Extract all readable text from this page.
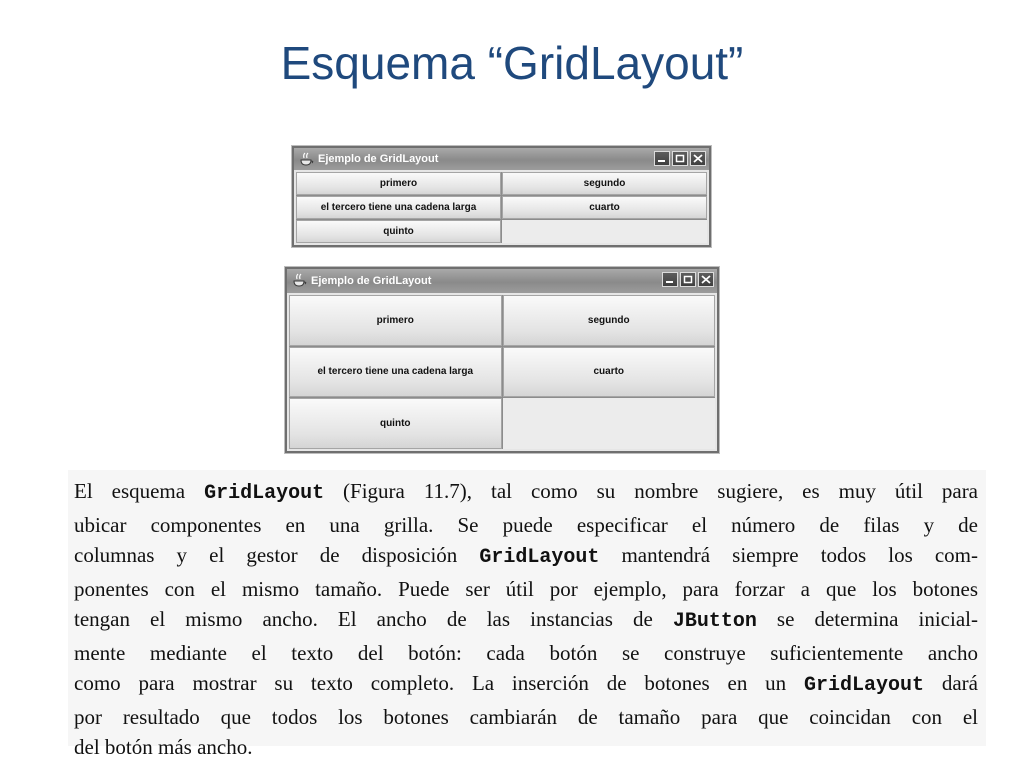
Esquema “GridLayout”
Ejemplo de GridLayout
primero	segundo
el tercero tiene una cadena larga	cuarto
quinto
Ejemplo de GridLayout
primero	segundo
el tercero tiene una cadena larga	cuarto
quinto
El esquema GridLayout (Figura 11.7), tal como su nombre sugiere, es muy útil para
ubicar componentes en una grilla. Se puede especificar el número de filas y de
columnas y el gestor de disposición GridLayout mantendrá siempre todos los com-
ponentes con el mismo tamaño. Puede ser útil por ejemplo, para forzar a que los botones
tengan el mismo ancho. El ancho de las instancias de JButton se determina inicial-
mente mediante el texto del botón: cada botón se construye suficientemente ancho
como para mostrar su texto completo. La inserción de botones en un GridLayout dará
por resultado que todos los botones cambiarán de tamaño para que coincidan con el
del botón más ancho.
